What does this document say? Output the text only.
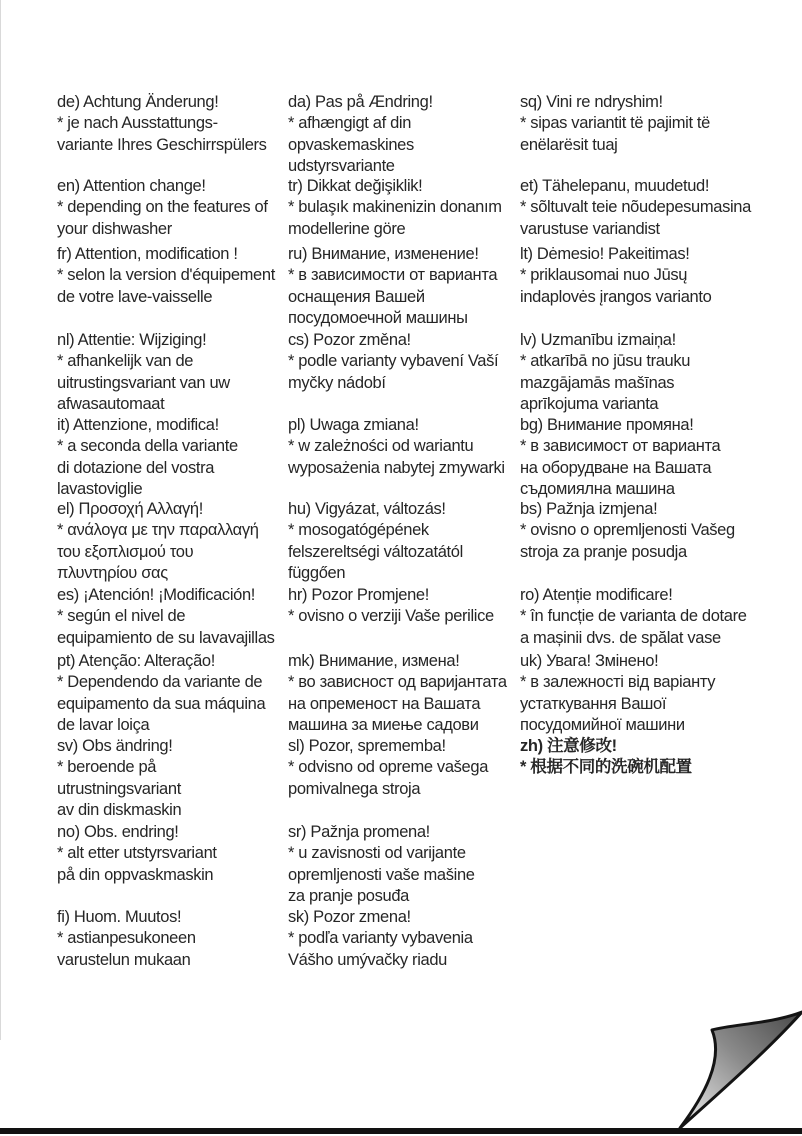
de) Achtung Änderung!
* je nach Ausstattungs-
variante Ihres Geschirrspülers
en) Attention change!
* depending on the features of
your dishwasher
fr) Attention, modification !
* selon la version d'équipement
de votre lave-vaisselle
nl) Attentie: Wijziging!
* afhankelijk van de
uitrustingsvariant van uw
afwasautomaat
it) Attenzione, modifica!
* a seconda della variante
di dotazione del vostra
lavastoviglie
el) Προσοχή Αλλαγή!
* ανάλογα με την παραλλαγή
του εξοπλισμού του
πλυντηρίου σας
es) ¡Atención! ¡Modificación!
* según el nivel de
equipamiento de su lavavajillas
pt) Atenção: Alteração!
* Dependendo da variante de
equipamento da sua máquina
de lavar loiça
sv) Obs ändring!
* beroende på
utrustningsvariant
av din diskmaskin
no) Obs. endring!
* alt etter utstyrsvariant
på din oppvaskmaskin
fi) Huom. Muutos!
* astianpesukoneen
varustelun mukaan
da) Pas på Ændring!
* afhængigt af din
opvaskemaskines
udstyrsvariante
tr) Dikkat değişiklik!
* bulaşık makinenizin donanım
modellerine göre
ru) Внимание, изменение!
* в зависимости от варианта
оснащения Вашей
посудомоечной машины
cs) Pozor změna!
* podle varianty vybavení Vaší
myčky nádobí
pl) Uwaga zmiana!
* w zależności od wariantu
wyposażenia nabytej zmywarki
hu) Vigyázat, változás!
* mosogatógépének
felszereltségi változatától
függően
hr) Pozor Promjene!
* ovisno o verziji Vaše perilice
mk) Внимание, измена!
* во зависност од варијантата
на опременост на Вашата
машина за миење садови
sl) Pozor, sprememba!
* odvisno od opreme vašega
pomivalnega stroja
sr) Pažnja promena!
* u zavisnosti od varijante
opremljenosti vaše mašine
za pranje posuđa
sk) Pozor zmena!
* podľa varianty vybavenia
Vášho umývačky riadu
sq) Vini re ndryshim!
* sipas variantit të pajimit të
enëlarësit tuaj
et) Tähelepanu, muudetud!
* sõltuvalt teie nõudepesumasina
varustuse variandist
lt) Dėmesio! Pakeitimas!
* priklausomai nuo Jūsų
indaplovės įrangos varianto
lv) Uzmanību izmaiņa!
* atkarībā no jūsu trauku
mazgājamās mašīnas
aprīkojuma varianta
bg) Внимание промяна!
* в зависимост от варианта
на оборудване на Вашата
съдомиялна машина
bs) Pažnja izmjena!
* ovisno o opremljenosti Vašeg
stroja za pranje posudja
ro) Atenție modificare!
* în funcție de varianta de dotare
a mașinii dvs. de spălat vase
uk) Увага! Змінено!
* в залежності від варіанту
устаткування Вашої
посудомийної машини
zh) 注意修改!
* 根据不同的洗碗机配置
